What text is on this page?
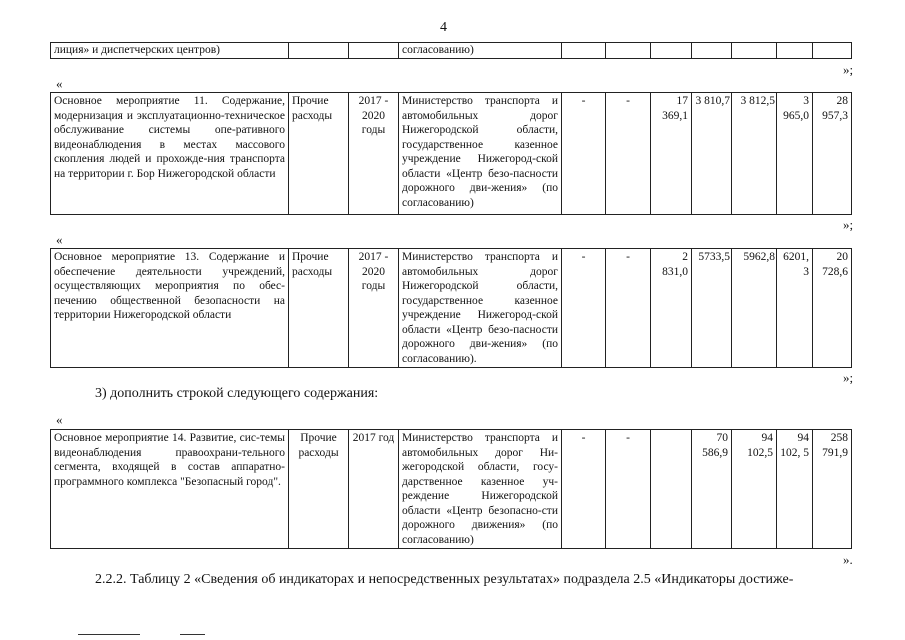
4
лиция» и диспетчерских центров)			согласованию)							
»;
«
Основное мероприятие 11. Содержание, модернизация и эксплуатационно-техническое обслуживание системы опе-ративного видеонаблюдения в местах массового скопления людей и прохожде-ния транспорта на территории г. Бор Нижегородской области	Прочие расходы	2017 - 2020 годы	Министерство транспорта и автомобильных дорог Нижегородской области, государственное казенное учреждение Нижегород-ской области «Центр безо-пасности дорожного дви-жения» (по согласованию)	-	-	17 369,1	3 810,7	3 812,5	3 965,0	28 957,3
»;
«
Основное мероприятие 13. Содержание и обеспечение деятельности учреждений, осуществляющих мероприятия по обес-печению общественной безопасности на территории Нижегородской области	Прочие расходы	2017 - 2020 годы	Министерство транспорта и автомобильных дорог Нижегородской области, государственное казенное учреждение Нижегород-ской области «Центр безо-пасности дорожного дви-жения» (по согласованию).	-	-	2 831,0	5733,5	5962,8	6201, 3	20 728,6
»;
3) дополнить строкой следующего содержания:
«
Основное мероприятие 14. Развитие, сис-темы видеонаблюдения правоохрани-тельного сегмента, входящей в состав аппаратно-программного комплекса "Безопасный город".	Прочие расходы	2017 год	Министерство транспорта и автомобильных дорог Ни-жегородской области, госу-дарственное казенное уч-реждение Нижегородской области «Центр безопасно-сти дорожного движения» (по согласованию)	-	-		70 586,9	94 102,5	94 102, 5	258 791,9
».
2.2.2. Таблицу 2 «Сведения об индикаторах и непосредственных результатах» подраздела 2.5 «Индикаторы достиже-
